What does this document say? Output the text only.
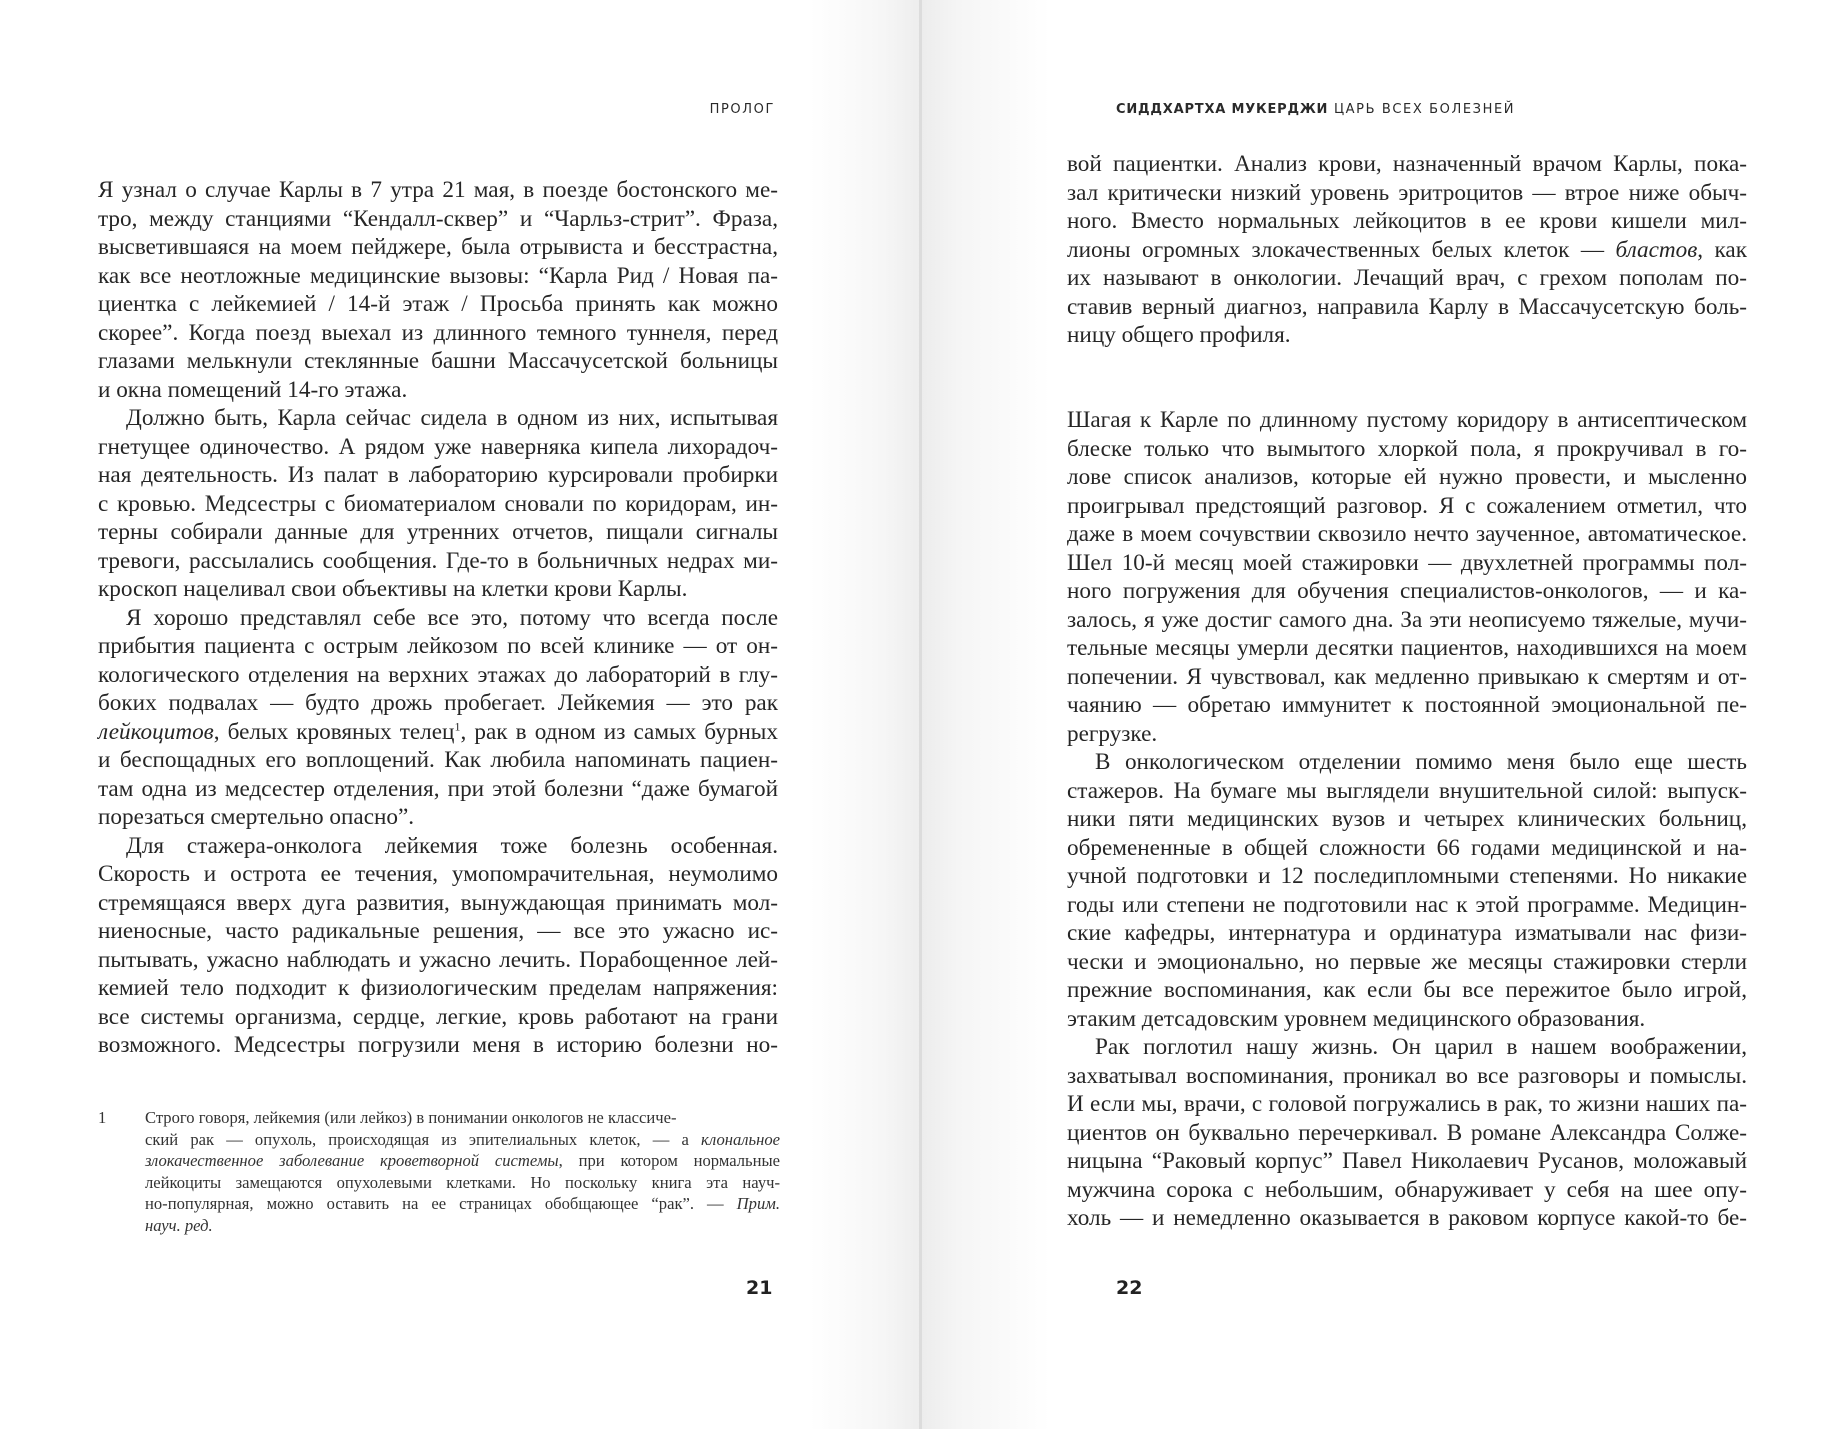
ПРОЛОГ
Я узнал о случае Карлы в 7 утра 21 мая, в поезде бостонского ме-
тро, между станциями “Кендалл-сквер” и “Чарльз-стрит”. Фраза,
высветившаяся на моем пейджере, была отрывиста и бесстрастна,
как все неотложные медицинские вызовы: “Карла Рид / Новая па-
циентка с лейкемией / 14-й этаж / Просьба принять как можно
скорее”. Когда поезд выехал из длинного темного туннеля, перед
глазами мелькнули стеклянные башни Массачусетской больницы
и окна помещений 14-го этажа.
Должно быть, Карла сейчас сидела в одном из них, испытывая
гнетущее одиночество. А рядом уже наверняка кипела лихорадоч-
ная деятельность. Из палат в лабораторию курсировали пробирки
с кровью. Медсестры с биоматериалом сновали по коридорам, ин-
терны собирали данные для утренних отчетов, пищали сигналы
тревоги, рассылались сообщения. Где-то в больничных недрах ми-
кроскоп нацеливал свои объективы на клетки крови Карлы.
Я хорошо представлял себе все это, потому что всегда после
прибытия пациента с острым лейкозом по всей клинике — от он-
кологического отделения на верхних этажах до лабораторий в глу-
боких подвалах — будто дрожь пробегает. Лейкемия — это рак
лейкоцитов, белых кровяных телец$^1$, рак в одном из самых бурных
и беспощадных его воплощений. Как любила напоминать пациен-
там одна из медсестер отделения, при этой болезни “даже бумагой
порезаться смертельно опасно”.
Для стажера-онколога лейкемия тоже болезнь особенная.
Скорость и острота ее течения, умопомрачительная, неумолимо
стремящаяся вверх дуга развития, вынуждающая принимать мол-
ниеносные, часто радикальные решения, — все это ужасно ис-
пытывать, ужасно наблюдать и ужасно лечить. Порабощенное лей-
кемией тело подходит к физиологическим пределам напряжения:
все системы организма, сердце, легкие, кровь работают на грани
возможного. Медсестры погрузили меня в историю болезни но-
1 Строго говоря, лейкемия (или лейкоз) в понимании онкологов не классиче-
ский рак — опухоль, происходящая из эпителиальных клеток, — а клональное
злокачественное заболевание кроветворной системы, при котором нормальные
лейкоциты замещаются опухолевыми клетками. Но поскольку книга эта науч-
но-популярная, можно оставить на ее страницах обобщающее “рак”. — Прим.
науч. ред.
21
СИДДХАРТХА МУКЕРДЖИ ЦАРЬ ВСЕХ БОЛЕЗНЕЙ
вой пациентки. Анализ крови, назначенный врачом Карлы, пока-
зал критически низкий уровень эритроцитов — втрое ниже обыч-
ного. Вместо нормальных лейкоцитов в ее крови кишели мил-
лионы огромных злокачественных белых клеток — бластов, как
их называют в онкологии. Лечащий врач, с грехом пополам по-
ставив верный диагноз, направила Карлу в Массачусетскую боль-
ницу общего профиля.
Шагая к Карле по длинному пустому коридору в антисептическом
блеске только что вымытого хлоркой пола, я прокручивал в го-
лове список анализов, которые ей нужно провести, и мысленно
проигрывал предстоящий разговор. Я с сожалением отметил, что
даже в моем сочувствии сквозило нечто заученное, автоматическое.
Шел 10-й месяц моей стажировки — двухлетней программы пол-
ного погружения для обучения специалистов-онкологов, — и ка-
залось, я уже достиг самого дна. За эти неописуемо тяжелые, мучи-
тельные месяцы умерли десятки пациентов, находившихся на моем
попечении. Я чувствовал, как медленно привыкаю к смертям и от-
чаянию — обретаю иммунитет к постоянной эмоциональной пе-
регрузке.
В онкологическом отделении помимо меня было еще шесть
стажеров. На бумаге мы выглядели внушительной силой: выпуск-
ники пяти медицинских вузов и четырех клинических больниц,
обремененные в общей сложности 66 годами медицинской и на-
учной подготовки и 12 последипломными степенями. Но никакие
годы или степени не подготовили нас к этой программе. Медицин-
ские кафедры, интернатура и ординатура изматывали нас физи-
чески и эмоционально, но первые же месяцы стажировки стерли
прежние воспоминания, как если бы все пережитое было игрой,
этаким детсадовским уровнем медицинского образования.
Рак поглотил нашу жизнь. Он царил в нашем воображении,
захватывал воспоминания, проникал во все разговоры и помыслы.
И если мы, врачи, с головой погружались в рак, то жизни наших па-
циентов он буквально перечеркивал. В романе Александра Солже-
ницына “Раковый корпус” Павел Николаевич Русанов, моложавый
мужчина сорока с небольшим, обнаруживает у себя на шее опу-
холь — и немедленно оказывается в раковом корпусе какой-то бе-
22
